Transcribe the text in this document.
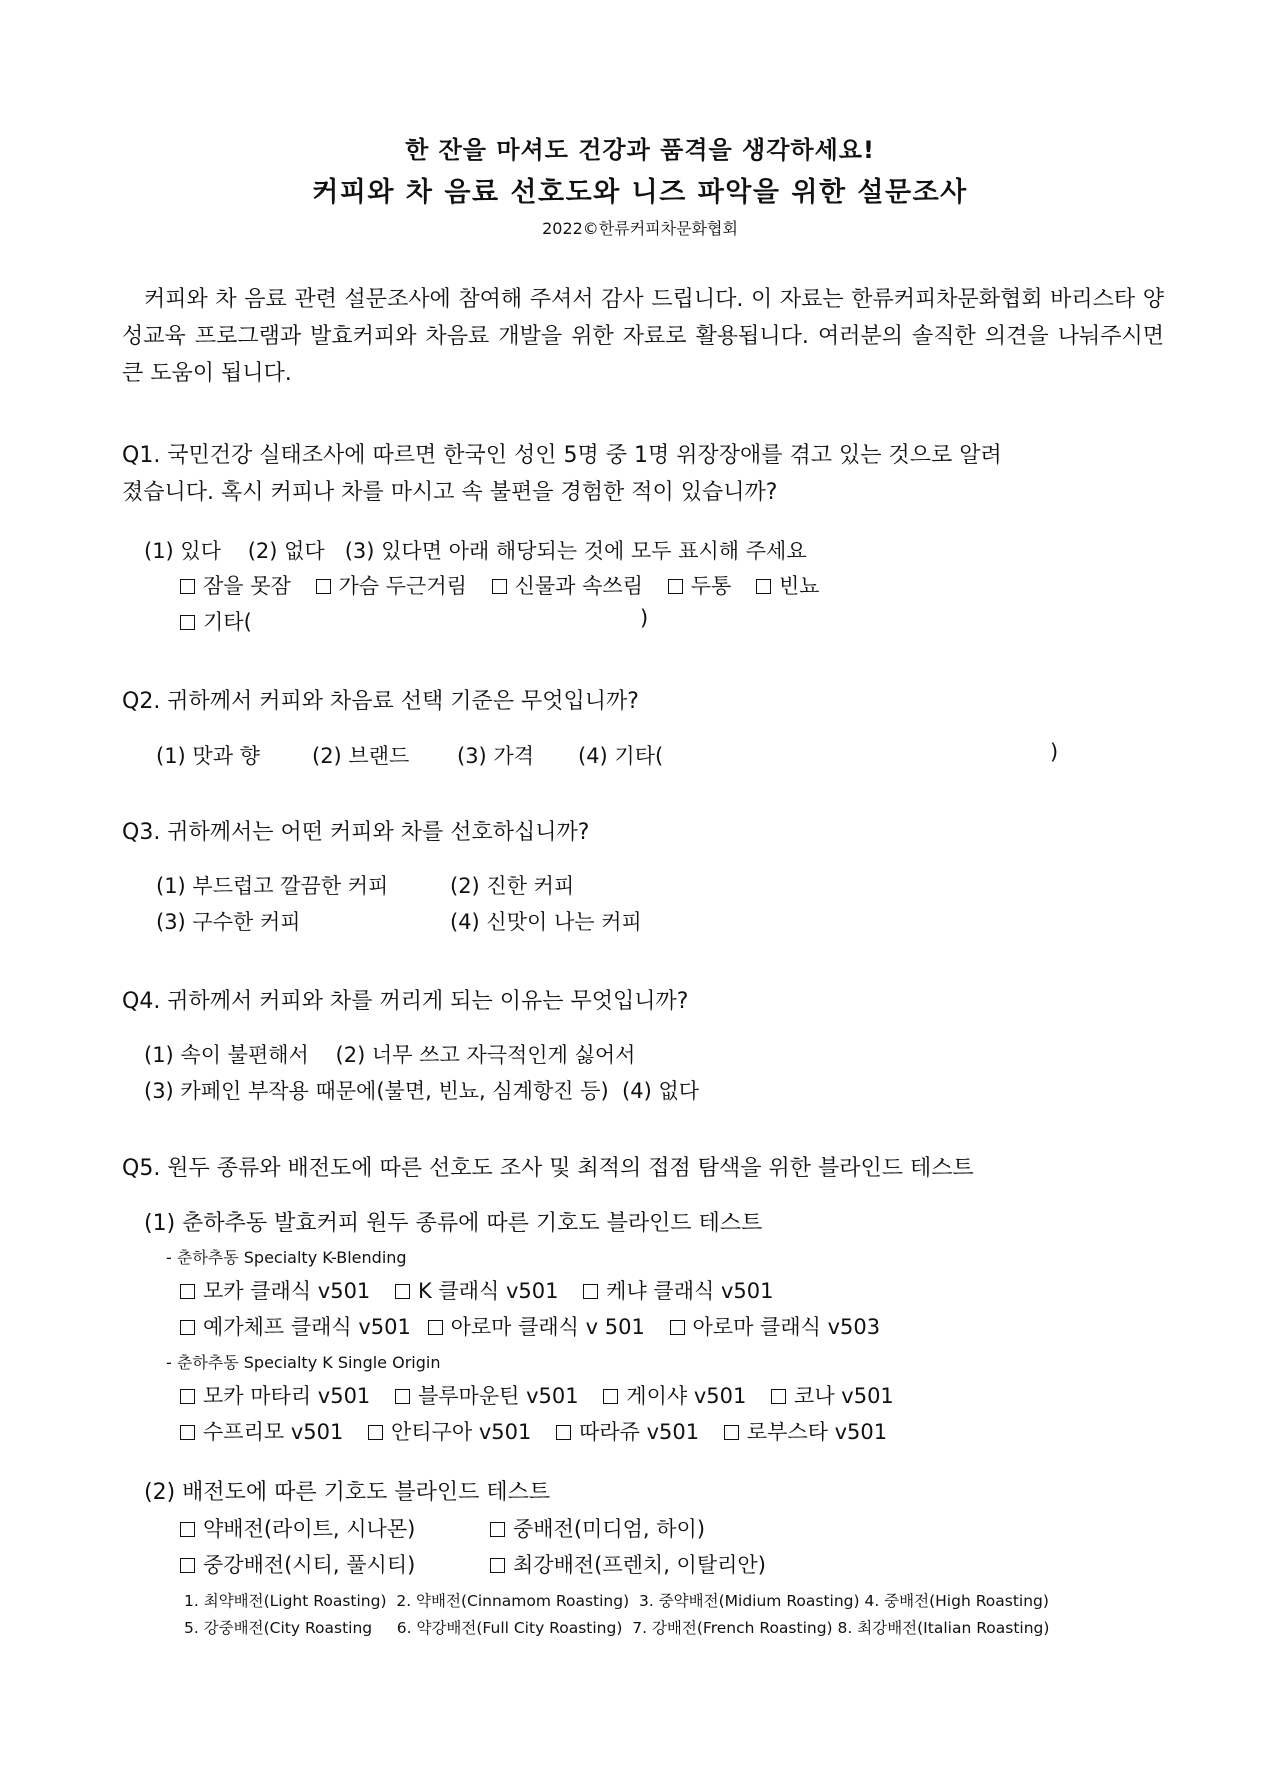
한 잔을 마셔도 건강과 품격을 생각하세요!
커피와 차 음료 선호도와 니즈 파악을 위한 설문조사
2022©한류커피차문화협회
커피와 차 음료 관련 설문조사에 참여해 주셔서 감사 드립니다. 이 자료는 한류커피차문화협회 바리스타 양성교육 프로그램과 발효커피와 차음료 개발을 위한 자료로 활용됩니다. 여러분의 솔직한 의견을 나눠주시면 큰 도움이 됩니다.
Q1. 국민건강 실태조사에 따르면 한국인 성인 5명 중 1명 위장장애를 겪고 있는 것으로 알려
졌습니다. 혹시 커피나 차를 마시고 속 불편을 경험한 적이 있습니까?
(1) 있다    (2) 없다   (3) 있다면 아래 해당되는 것에 모두 표시해 주세요
잠을 못잠 가슴 두근거림 신물과 속쓰림 두통 빈뇨
기타(	)
Q2. 귀하께서 커피와 차음료 선택 기준은 무엇입니까?
(1) 맛과 향 (2) 브랜드 (3) 가격 (4) 기타(	)
Q3. 귀하께서는 어떤 커피와 차를 선호하십니까?
(1) 부드럽고 깔끔한 커피	(2) 진한 커피
(3) 구수한 커피	(4) 신맛이 나는 커피
Q4. 귀하께서 커피와 차를 꺼리게 되는 이유는 무엇입니까?
(1) 속이 불편해서    (2) 너무 쓰고 자극적인게 싫어서
(3) 카페인 부작용 때문에(불면, 빈뇨, 심계항진 등)  (4) 없다
Q5. 원두 종류와 배전도에 따른 선호도 조사 및 최적의 접점 탐색을 위한 블라인드 테스트
(1) 춘하추동 발효커피 원두 종류에 따른 기호도 블라인드 테스트
- 춘하추동 Specialty K-Blending
모카 클래식 v501 K 클래식 v501 케냐 클래식 v501
예가체프 클래식 v501 아로마 클래식 v 501 아로마 클래식 v503
- 춘하추동 Specialty K Single Origin
모카 마타리 v501 블루마운틴 v501 게이샤 v501 코나 v501
수프리모 v501 안티구아 v501 따라쥬 v501 로부스타 v501
(2) 배전도에 따른 기호도 블라인드 테스트
약배전(라이트, 시나몬)	중배전(미디엄, 하이)
중강배전(시티, 풀시티)	최강배전(프렌치, 이탈리안)
1. 최약배전(Light Roasting)  2. 약배전(Cinnamom Roasting)  3. 중약배전(Midium Roasting) 4. 중배전(High Roasting)
5. 강중배전(City Roasting     6. 약강배전(Full City Roasting)  7. 강배전(French Roasting) 8. 최강배전(Italian Roasting)
